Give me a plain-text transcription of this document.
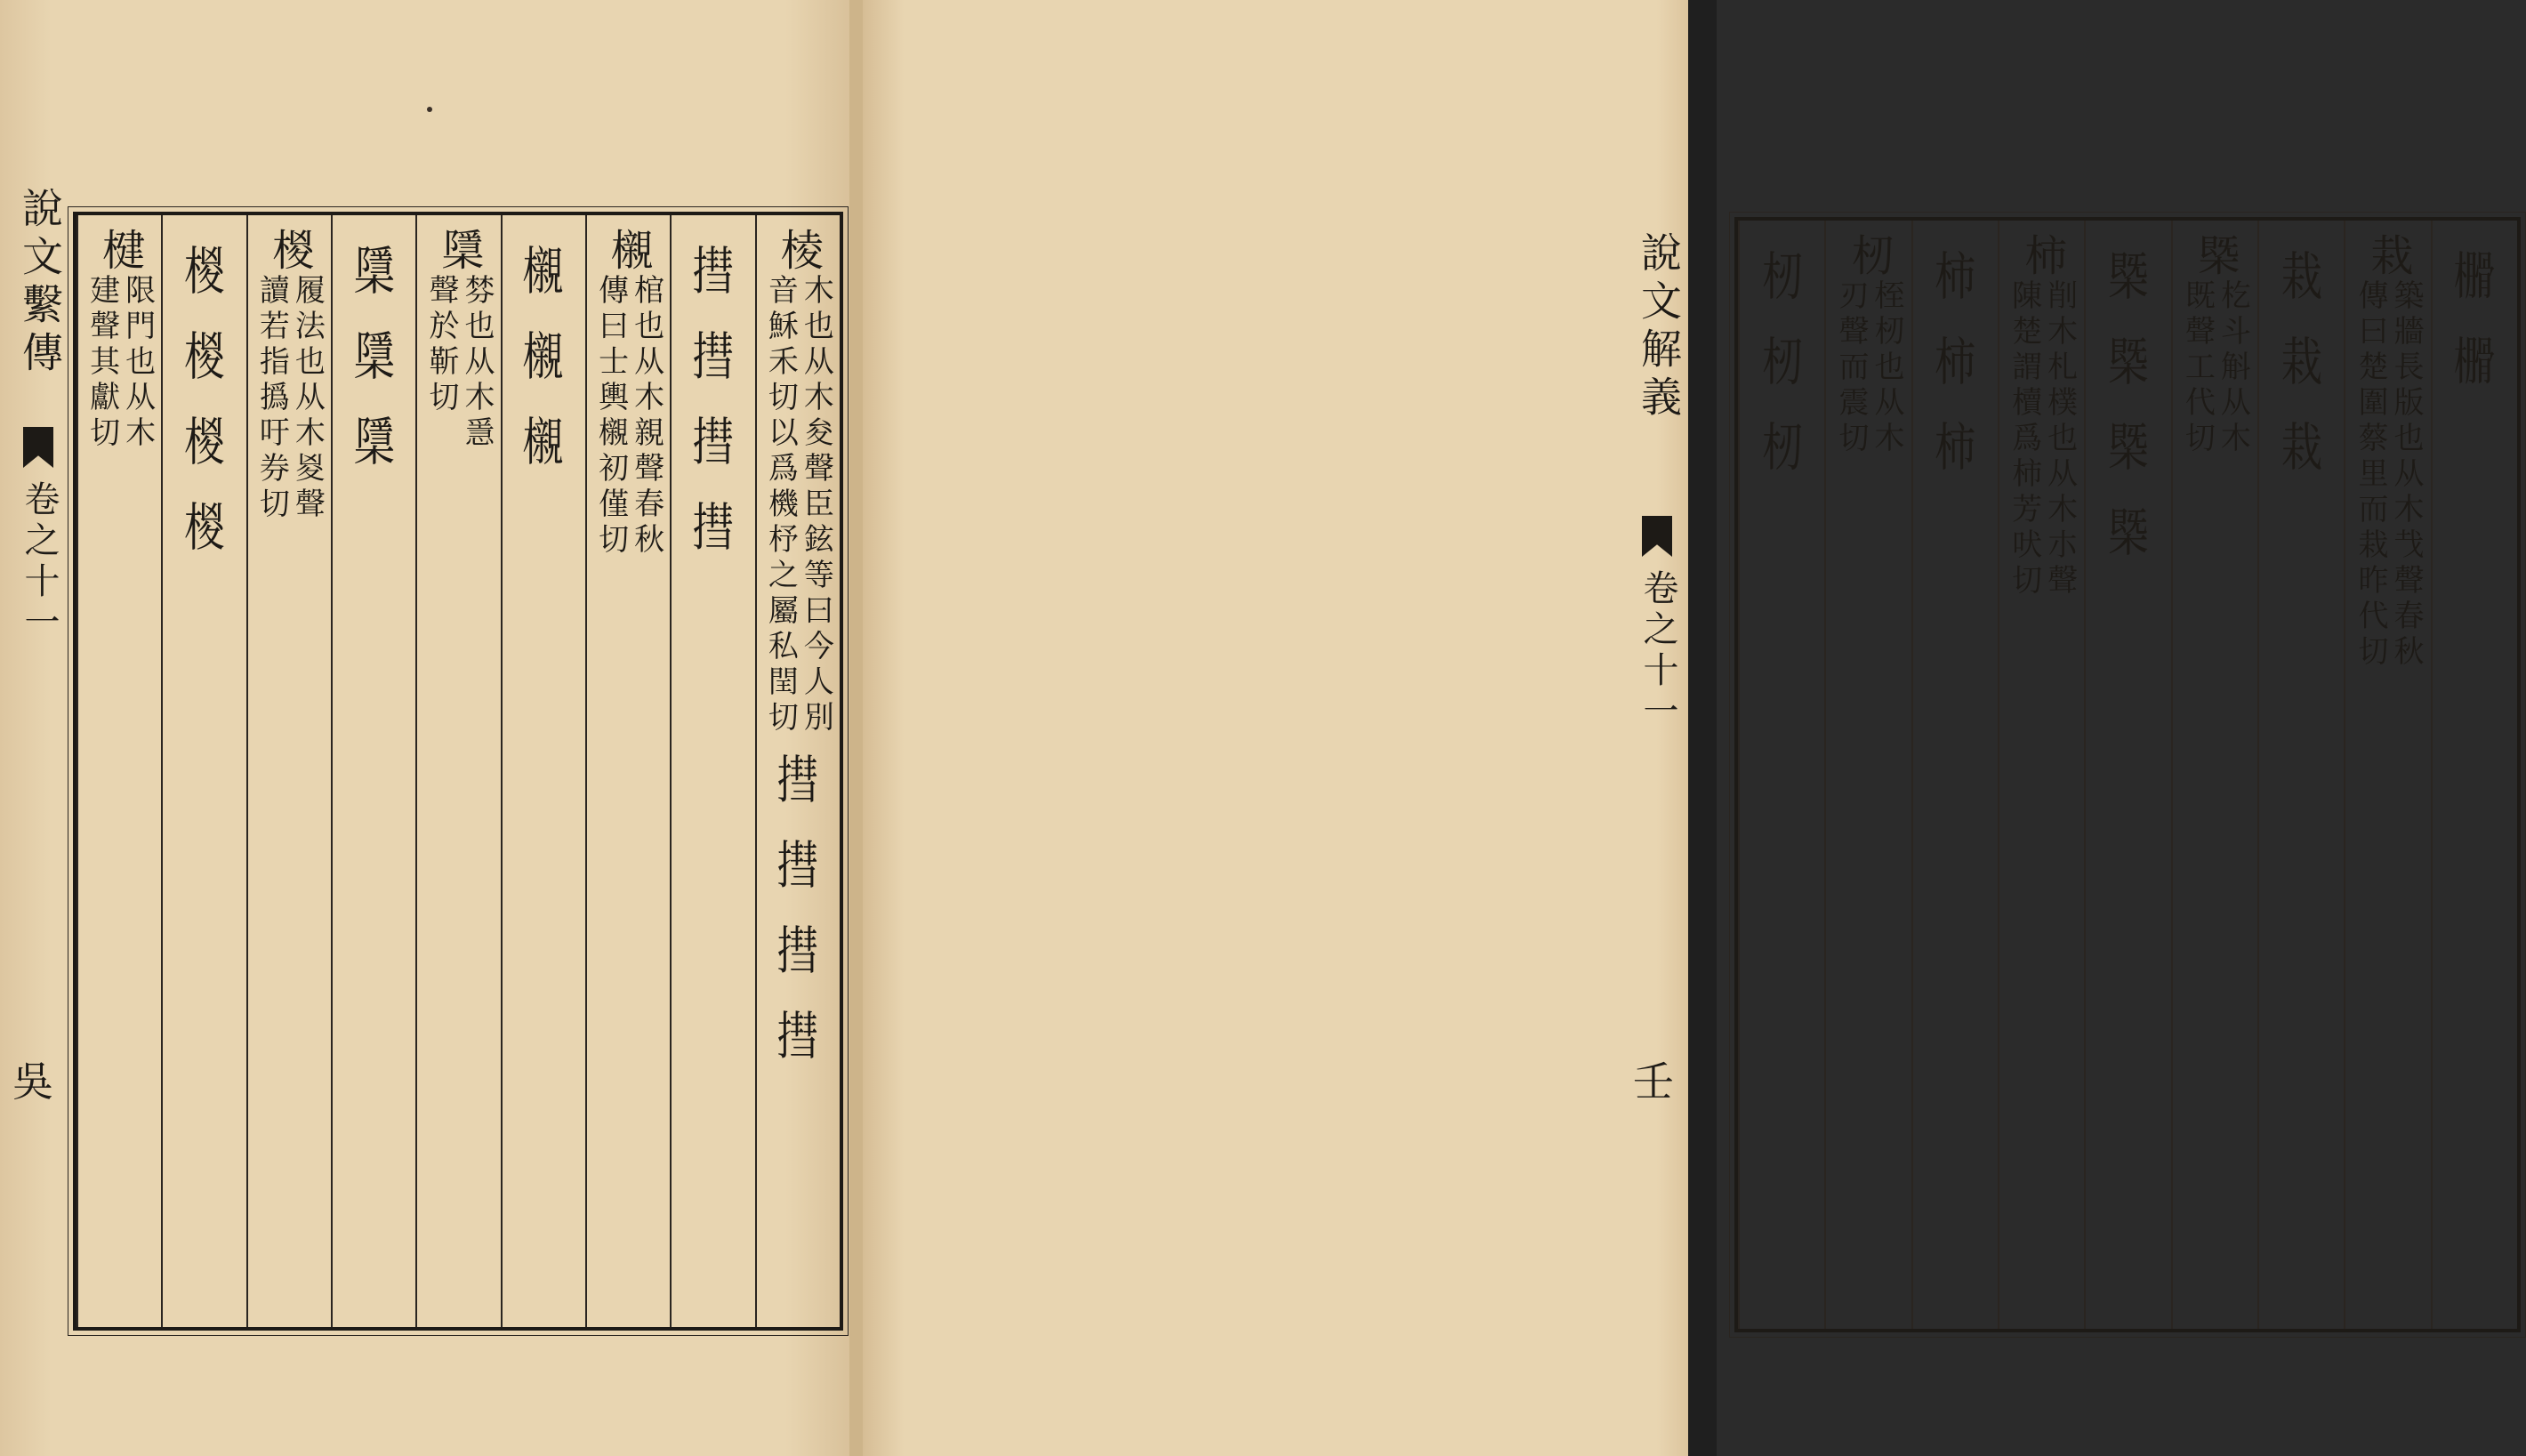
說文繫傳
卷之十一
吳
棱
木也从木夋聲臣鉉等曰今人別
音穌禾切以爲機杼之屬私閏切
㨹
㨹
㨹
㨹
㨹
㨹
㨹
㨹
櫬
棺也从木親聲春秋
傳曰士輿櫬初僅切
櫬
櫬
櫬
檃
棼也从木㥯
聲於靳切
檃
檃
檃
椶
履法也从木㚇聲
讀若指撝吁券切
椶
椶
椶
椶
楗
限門也从木
建聲其獻切	說文解義
卷之十一
壬
𣝗
𣝗
栽
築牆長版也从木𢦏聲春秋
傳曰楚圍蔡里而栽昨代切
栽
栽
栽
槩
杚斗斛从木
既聲工代切
槩
槩
槩
槩
柿
削木札樸也从木朩聲
陳楚謂櫝爲柿芳吠切
柿
柿
柿
杒
桎杒也从木
刃聲而震切
杒
杒
杒
